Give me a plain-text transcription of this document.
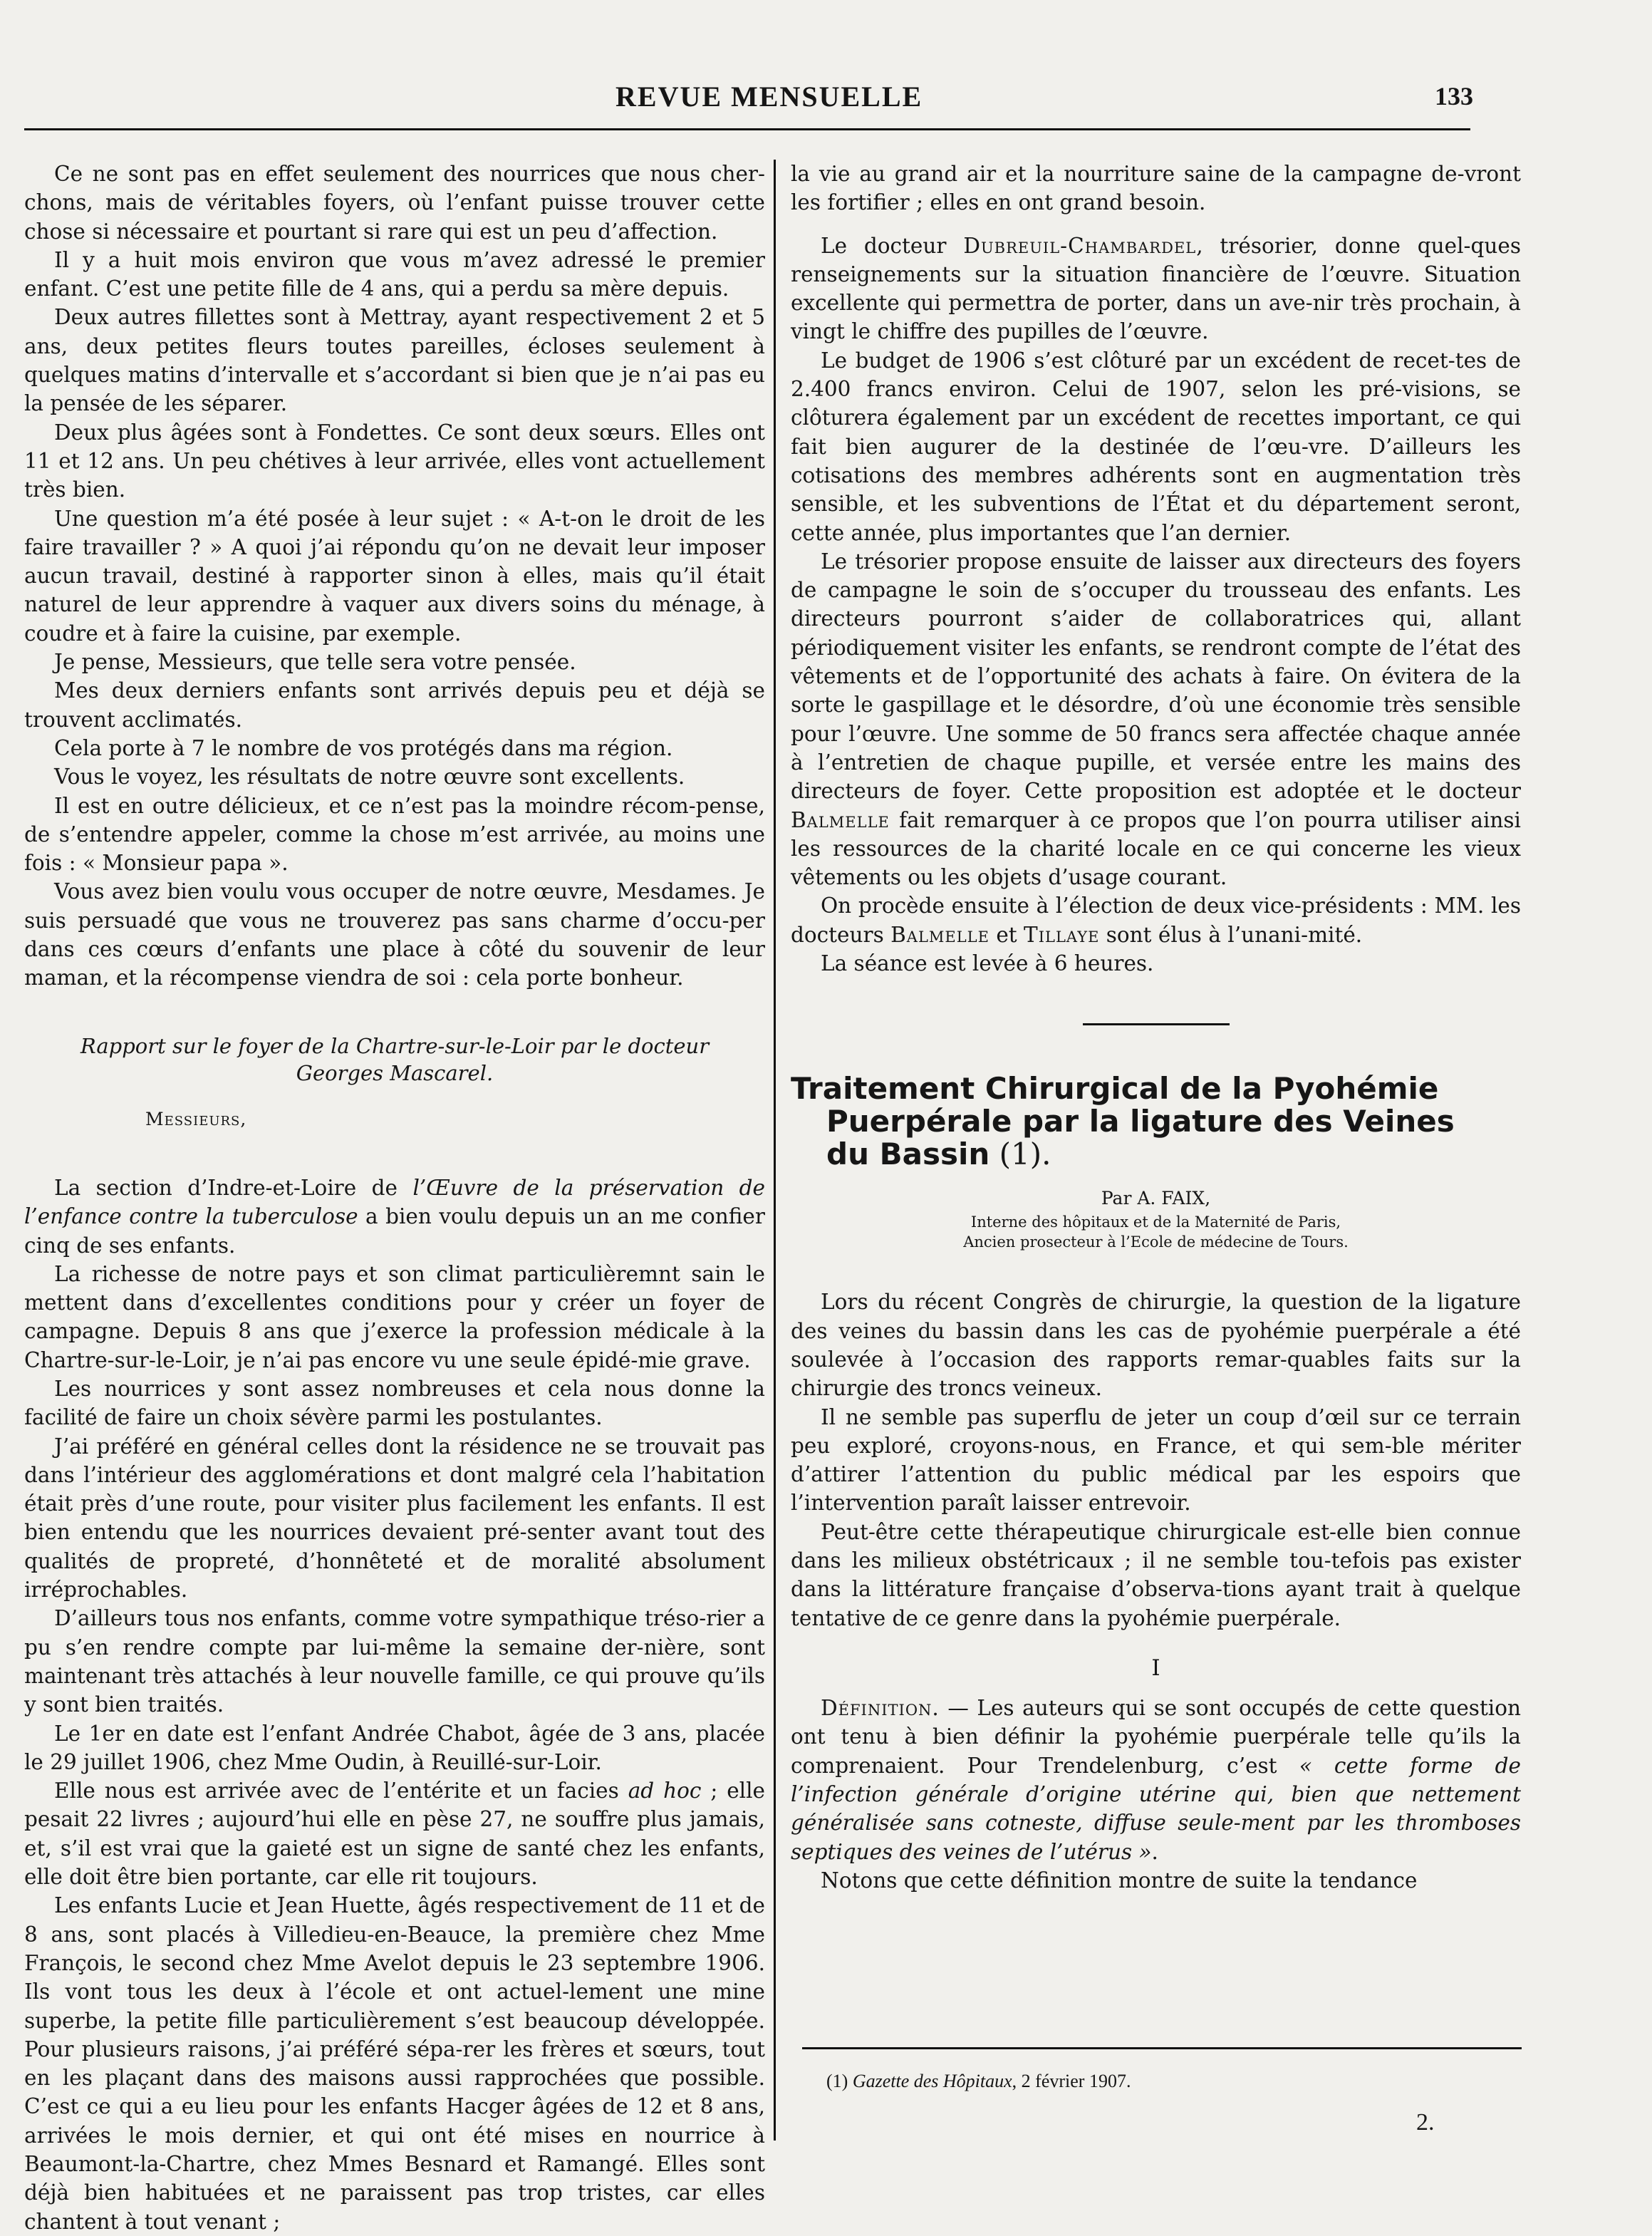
REVUE MENSUELLE	133

Ce ne sont pas en effet seulement des nourrices que nous cher-chons, mais de véritables foyers, où l’enfant puisse trouver cette chose si nécessaire et pourtant si rare qui est un peu d’affection.

Il y a huit mois environ que vous m’avez adressé le premier enfant. C’est une petite fille de 4 ans, qui a perdu sa mère depuis.

Deux autres fillettes sont à Mettray, ayant respectivement 2 et 5 ans, deux petites fleurs toutes pareilles, écloses seulement à quelques matins d’intervalle et s’accordant si bien que je n’ai pas eu la pensée de les séparer.

Deux plus âgées sont à Fondettes. Ce sont deux sœurs. Elles ont 11 et 12 ans. Un peu chétives à leur arrivée, elles vont actuellement très bien.

Une question m’a été posée à leur sujet : « A-t-on le droit de les faire travailler ? » A quoi j’ai répondu qu’on ne devait leur imposer aucun travail, destiné à rapporter sinon à elles, mais qu’il était naturel de leur apprendre à vaquer aux divers soins du ménage, à coudre et à faire la cuisine, par exemple.

Je pense, Messieurs, que telle sera votre pensée.

Mes deux derniers enfants sont arrivés depuis peu et déjà se trouvent acclimatés.

Cela porte à 7 le nombre de vos protégés dans ma région.

Vous le voyez, les résultats de notre œuvre sont excellents.

Il est en outre délicieux, et ce n’est pas la moindre récom-pense, de s’entendre appeler, comme la chose m’est arrivée, au moins une fois : « Monsieur papa ».

Vous avez bien voulu vous occuper de notre œuvre, Mesdames. Je suis persuadé que vous ne trouverez pas sans charme d’occu-per dans ces cœurs d’enfants une place à côté du souvenir de leur maman, et la récompense viendra de soi : cela porte bonheur.

Rapport sur le foyer de la Chartre-sur-le-Loir par le docteur
Georges Mascarel.

Messieurs,

La section d’Indre-et-Loire de l’Œuvre de la préservation de l’enfance contre la tuberculose a bien voulu depuis un an me confier cinq de ses enfants.

La richesse de notre pays et son climat particulièremnt sain le mettent dans d’excellentes conditions pour y créer un foyer de campagne. Depuis 8 ans que j’exerce la profession médicale à la Chartre-sur-le-Loir, je n’ai pas encore vu une seule épidé-mie grave.

Les nourrices y sont assez nombreuses et cela nous donne la facilité de faire un choix sévère parmi les postulantes.

J’ai préféré en général celles dont la résidence ne se trouvait pas dans l’intérieur des agglomérations et dont malgré cela l’habitation était près d’une route, pour visiter plus facilement les enfants. Il est bien entendu que les nourrices devaient pré-senter avant tout des qualités de propreté, d’honnêteté et de moralité absolument irréprochables.

D’ailleurs tous nos enfants, comme votre sympathique tréso-rier a pu s’en rendre compte par lui-même la semaine der-nière, sont maintenant très attachés à leur nouvelle famille, ce qui prouve qu’ils y sont bien traités.

Le 1er en date est l’enfant Andrée Chabot, âgée de 3 ans, placée le 29 juillet 1906, chez Mme Oudin, à Reuillé-sur-Loir.

Elle nous est arrivée avec de l’entérite et un facies ad hoc ; elle pesait 22 livres ; aujourd’hui elle en pèse 27, ne souffre plus jamais, et, s’il est vrai que la gaieté est un signe de santé chez les enfants, elle doit être bien portante, car elle rit toujours.

Les enfants Lucie et Jean Huette, âgés respectivement de 11 et de 8 ans, sont placés à Villedieu-en-Beauce, la première chez Mme François, le second chez Mme Avelot depuis le 23 septembre 1906. Ils vont tous les deux à l’école et ont actuel-lement une mine superbe, la petite fille particulièrement s’est beaucoup développée. Pour plusieurs raisons, j’ai préféré sépa-rer les frères et sœurs, tout en les plaçant dans des maisons aussi rapprochées que possible. C’est ce qui a eu lieu pour les enfants Hacger âgées de 12 et 8 ans, arrivées le mois dernier, et qui ont été mises en nourrice à Beaumont-la-Chartre, chez Mmes Besnard et Ramangé. Elles sont déjà bien habituées et ne paraissent pas trop tristes, car elles chantent à tout venant ;

la vie au grand air et la nourriture saine de la campagne de-vront les fortifier ; elles en ont grand besoin.

Le docteur Dubreuil-Chambardel, trésorier, donne quel-ques renseignements sur la situation financière de l’œuvre. Situation excellente qui permettra de porter, dans un ave-nir très prochain, à vingt le chiffre des pupilles de l’œuvre.

Le budget de 1906 s’est clôturé par un excédent de recet-tes de 2.400 francs environ. Celui de 1907, selon les pré-visions, se clôturera également par un excédent de recettes important, ce qui fait bien augurer de la destinée de l’œu-vre. D’ailleurs les cotisations des membres adhérents sont en augmentation très sensible, et les subventions de l’État et du département seront, cette année, plus importantes que l’an dernier.

Le trésorier propose ensuite de laisser aux directeurs des foyers de campagne le soin de s’occuper du trousseau des enfants. Les directeurs pourront s’aider de collaboratrices qui, allant périodiquement visiter les enfants, se rendront compte de l’état des vêtements et de l’opportunité des achats à faire. On évitera de la sorte le gaspillage et le désordre, d’où une économie très sensible pour l’œuvre. Une somme de 50 francs sera affectée chaque année à l’entretien de chaque pupille, et versée entre les mains des directeurs de foyer. Cette proposition est adoptée et le docteur Balmelle fait remarquer à ce propos que l’on pourra utiliser ainsi les ressources de la charité locale en ce qui concerne les vieux vêtements ou les objets d’usage courant.

On procède ensuite à l’élection de deux vice-présidents : MM. les docteurs Balmelle et Tillaye sont élus à l’unani-mité.

La séance est levée à 6 heures.

Traitement Chirurgical de la Pyohémie
Puerpérale par la ligature des Veines
du Bassin (1).

Par A. FAIX,

Interne des hôpitaux et de la Maternité de Paris,

Ancien prosecteur à l’Ecole de médecine de Tours.

Lors du récent Congrès de chirurgie, la question de la ligature des veines du bassin dans les cas de pyohémie puerpérale a été soulevée à l’occasion des rapports remar-quables faits sur la chirurgie des troncs veineux.

Il ne semble pas superflu de jeter un coup d’œil sur ce terrain peu exploré, croyons-nous, en France, et qui sem-ble mériter d’attirer l’attention du public médical par les espoirs que l’intervention paraît laisser entrevoir.

Peut-être cette thérapeutique chirurgicale est-elle bien connue dans les milieux obstétricaux ; il ne semble tou-tefois pas exister dans la littérature française d’observa-tions ayant trait à quelque tentative de ce genre dans la pyohémie puerpérale.

I

Définition. — Les auteurs qui se sont occupés de cette question ont tenu à bien définir la pyohémie puerpérale telle qu’ils la comprenaient. Pour Trendelenburg, c’est « cette forme de l’infection générale d’origine utérine qui, bien que nettement généralisée sans cotneste, diffuse seule-ment par les thromboses septiques des veines de l’utérus ».

Notons que cette définition montre de suite la tendance

(1) Gazette des Hôpitaux, 2 février 1907.
2.
